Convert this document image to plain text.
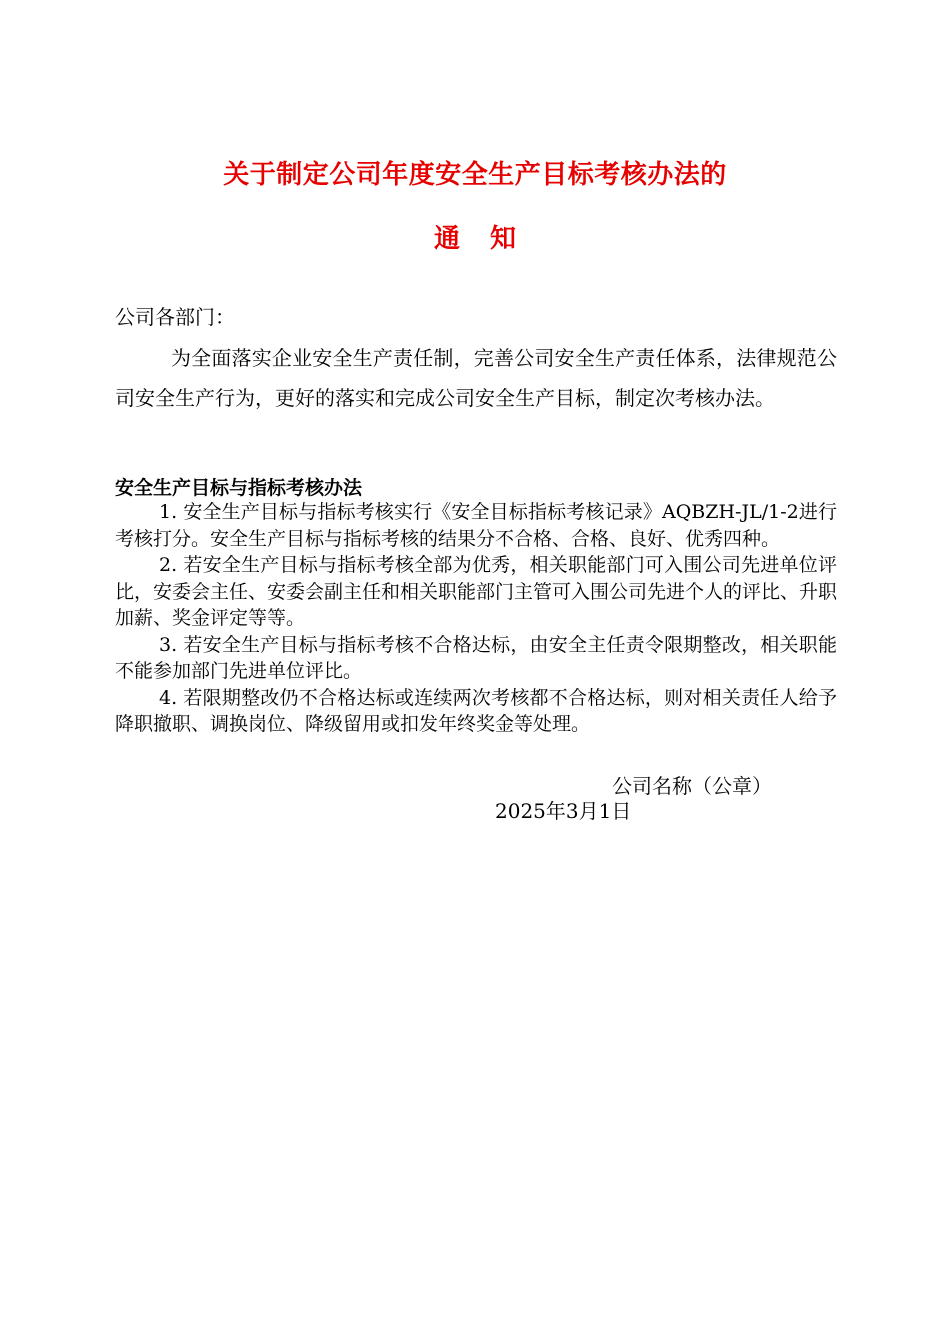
关于制定公司年度安全生产目标考核办法的
通知
公司各部门：

为全面落实企业安全生产责任制，完善公司安全生产责任体系，法律规范公司安全生产行为，更好的落实和完成公司安全生产目标，制定次考核办法。

安全生产目标与指标考核办法

1. 安全生产目标与指标考核实行《安全目标指标考核记录》AQBZH-JL/1-2进行考核打分。安全生产目标与指标考核的结果分不合格、合格、良好、优秀四种。

2. 若安全生产目标与指标考核全部为优秀，相关职能部门可入围公司先进单位评比，安委会主任、安委会副主任和相关职能部门主管可入围公司先进个人的评比、升职加薪、奖金评定等等。

3. 若安全生产目标与指标考核不合格达标，由安全主任责令限期整改，相关职能不能参加部门先进单位评比。

4. 若限期整改仍不合格达标或连续两次考核都不合格达标，则对相关责任人给予降职撤职、调换岗位、降级留用或扣发年终奖金等处理。

公司名称（公章）
2025年3月1日
